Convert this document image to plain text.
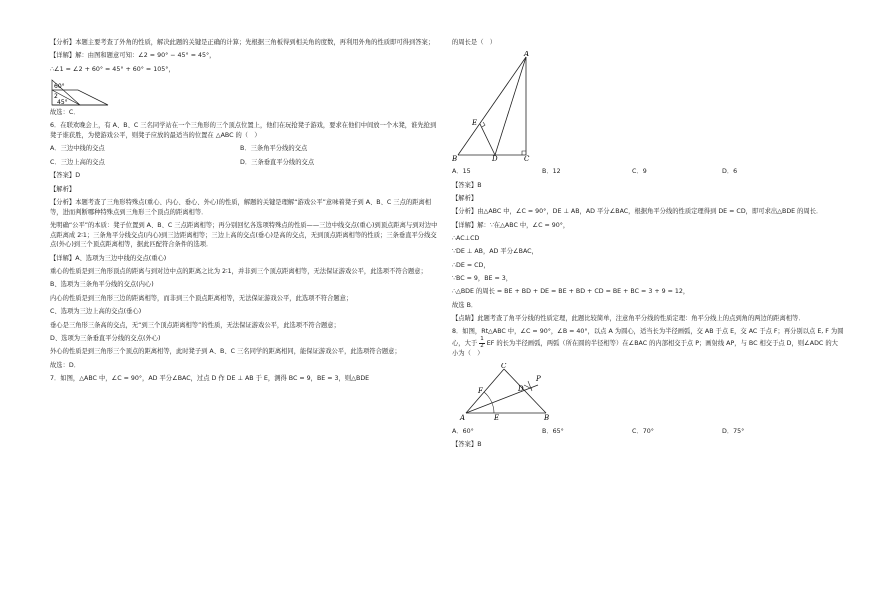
【分析】本题主要考查了外角的性质，解决此题的关键是正确的计算；先根据三角板得到相关角的度数，再利用外角的性质即可得到答案；

【详解】解：由图和题意可知：∠2 = 90° − 45° = 45°，

∴∠1 = ∠2 + 60° = 45° + 60° = 105°，

60°
2
45°

故选：C．

6．在联欢晚会上，有 A、B、C 三名同学站在一个三角形的三个顶点位置上，他们在玩抢凳子游戏，要求在他们中间放一个木凳，谁先抢到凳子谁获胜，为使游戏公平，则凳子应放的最适当的位置在 △ABC 的（　）

A．三边中线的交点	B．三条角平分线的交点
C．三边上高的交点	D．三条垂直平分线的交点

【答案】D

【解析】

【分析】本题考查了三角形特殊点(重心、内心、垂心、外心)的性质，解题的关键是理解“游戏公平”意味着凳子到 A、B、C 三点的距离相等，进而判断哪种特殊点到三角形三个顶点的距离相等．

先明确“公平”的本质：凳子位置到 A、B、C 三点距离相等；再分别回忆各选项特殊点的性质——三边中线交点(重心)到顶点距离与到对边中点距离成 2∶1；三条角平分线交点(内心)到三边距离相等；三边上高的交点(垂心)是高的交点，无到顶点距离相等的性质；三条垂直平分线交点(外心)到三个顶点距离相等，据此匹配符合条件的选项．

【详解】A、选项为三边中线的交点(重心)

重心的性质是到三角形顶点的距离与到对边中点的距离之比为 2∶1，并非到三个顶点距离相等，无法保证游戏公平，此选项不符合题意；

B、选项为三条角平分线的交点(内心)

内心的性质是到三角形三边的距离相等，而非到三个顶点距离相等，无法保证游戏公平，此选项不符合题意；

C、选项为三边上高的交点(垂心)

垂心是三角形三条高的交点，无“到三个顶点距离相等”的性质，无法保证游戏公平，此选项不符合题意；

D、选项为三条垂直平分线的交点(外心)

外心的性质是到三角形三个顶点的距离相等，此时凳子到 A、B、C 三名同学的距离相同，能保证游戏公平，此选项符合题意；

故选：D．

7．如图，△ABC 中，∠C = 90°，AD 平分∠BAC，过点 D 作 DE ⊥ AB 于 E，测得 BC = 9，BE = 3，则△BDE

的周长是（　）

A
B	C
D
E
A．15	B．12	C．9	D．6

【答案】B

【解析】

【分析】由△ABC 中，∠C = 90°，DE ⊥ AB，AD 平分∠BAC，根据角平分线的性质定理得到 DE = CD，即可求出△BDE 的周长．

【详解】解：∵在△ABC 中，∠C = 90°，

∴AC⊥CD

∵DE ⊥ AB，AD 平分∠BAC，

∴DE = CD，

∵BC = 9，BE = 3，

∴△BDE 的周长 = BE + BD + DE = BE + BD + CD = BE + BC = 3 + 9 = 12，

故选 B．

【点睛】此题考查了角平分线的性质定理，此题比较简单，注意角平分线的性质定理：角平分线上的点到角的两边的距离相等．

8．如图，Rt△ABC 中，∠C = 90°，∠B = 40°，以点 A 为圆心，适当长为半径画弧，交 AB 于点 E，交 AC 于点 F；再分别以点 E, F 为圆心，大于 $\frac{1}{2}$ EF 的长为半径画弧，两弧（所在圆的半径相等）在∠BAC 的内部相交于点 P；画射线 AP，与 BC 相交于点 D，则∠ADC 的大小为（　）

C
A	B
E
F	D
P
A．60°	B．65°	C．70°	D．75°

【答案】B
